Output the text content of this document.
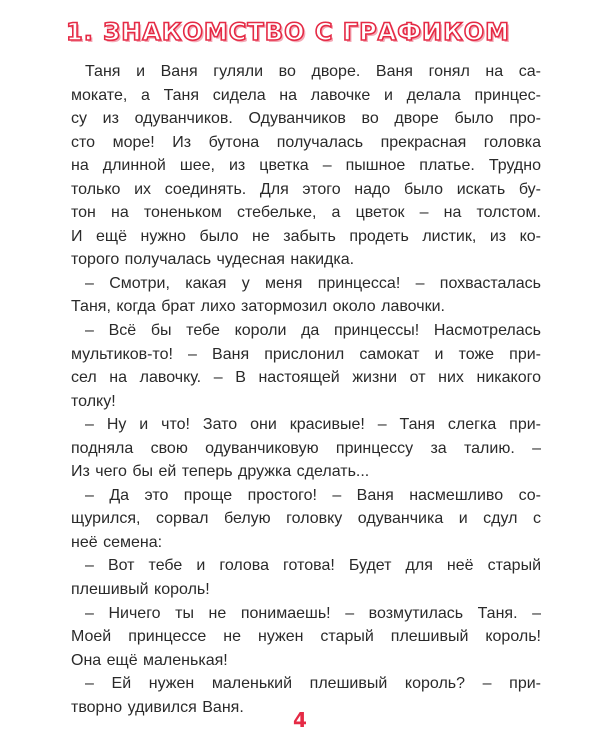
1. ЗНАКОМСТВО С ГРАФИКОМ
Таня и Ваня гуляли во дворе. Ваня гонял на са-
мокате, а Таня сидела на лавочке и делала принцес-
су из одуванчиков. Одуванчиков во дворе было про-
сто море! Из бутона получалась прекрасная головка
на длинной шее, из цветка – пышное платье. Трудно
только их соединять. Для этого надо было искать бу-
тон на тоненьком стебельке, а цветок – на толстом.
И ещё нужно было не забыть продеть листик, из ко-
торого получалась чудесная накидка.
– Смотри, какая у меня принцесса! – похвасталась
Таня, когда брат лихо затормозил около лавочки.
– Всё бы тебе короли да принцессы! Насмотрелась
мультиков-то! – Ваня прислонил самокат и тоже при-
сел на лавочку. – В настоящей жизни от них никакого
толку!
– Ну и что! Зато они красивые! – Таня слегка при-
подняла свою одуванчиковую принцессу за талию. –
Из чего бы ей теперь дружка сделать...
– Да это проще простого! – Ваня насмешливо со-
щурился, сорвал белую головку одуванчика и сдул с
неё семена:
– Вот тебе и голова готова! Будет для неё старый
плешивый король!
– Ничего ты не понимаешь! – возмутилась Таня. –
Моей принцессе не нужен старый плешивый король!
Она ещё маленькая!
– Ей нужен маленький плешивый король? – при-
творно удивился Ваня.
4
